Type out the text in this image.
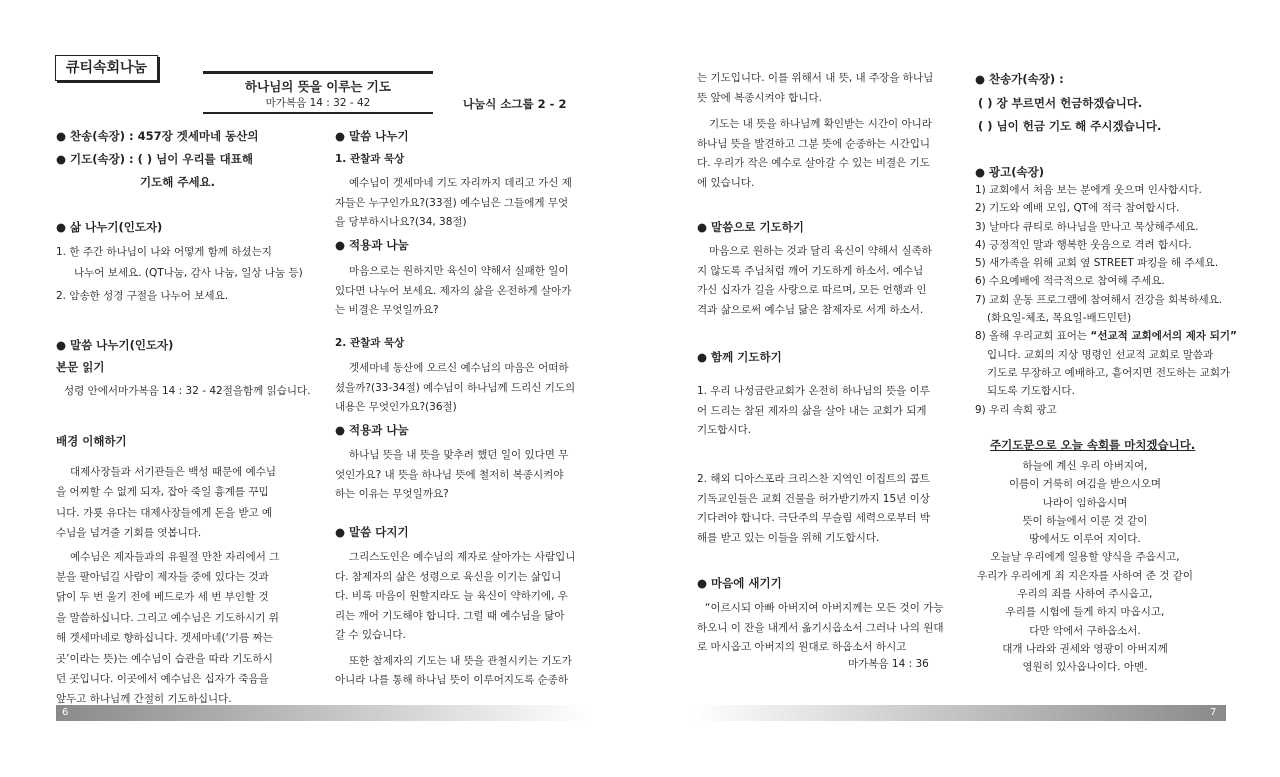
큐티속회나눔
하나님의 뜻을 이루는 기도
마가복음 14 : 32 - 42	나눔식 소그룹 2 - 2
● 찬송(속장) : 457장 겟세마네 동산의
● 기도(속장) : ( ) 님이 우리를 대표해
기도해 주세요.
● 삶 나누기(인도자)
1. 한 주간 하나님이 나와 어떻게 함께 하셨는지
나누어 보세요. (QT나눔, 감사 나눔, 일상 나눔 등)
2. 암송한 성경 구절을 나누어 보세요.
● 말씀 나누기(인도자)
본문 읽기
성령 안에서마가복음 14 : 32 - 42절을함께 읽습니다.
배경 이해하기
대제사장들과 서기관들은 백성 때문에 예수님
을 어찌할 수 없게 되자, 잡아 죽일 흉계를 꾸밉
니다. 가룟 유다는 대제사장들에게 돈을 받고 예
수님을 넘겨줄 기회를 엿봅니다.
예수님은 제자들과의 유월절 만찬 자리에서 그
분을 팔아넘길 사람이 제자들 중에 있다는 것과
닭이 두 번 울기 전에 베드로가 세 번 부인할 것
을 말씀하십니다. 그리고 예수님은 기도하시기 위
해 겟세마네로 향하십니다. 겟세마네(‘기름 짜는
곳’이라는 뜻)는 예수님이 습관을 따라 기도하시
던 곳입니다. 이곳에서 예수님은 십자가 죽음을
앞두고 하나님께 간절히 기도하십니다.
● 말씀 나누기
1. 관찰과 묵상
예수님이 겟세마네 기도 자리까지 데리고 가신 제
자들은 누구인가요?(33절) 예수님은 그들에게 무엇
을 당부하시나요?(34, 38절)
● 적용과 나눔
마음으로는 원하지만 육신이 약해서 실패한 일이
있다면 나누어 보세요. 제자의 삶을 온전하게 살아가
는 비결은 무엇일까요?
2. 관찰과 묵상
겟세마네 동산에 오르신 예수님의 마음은 어떠하
셨을까?(33-34절) 예수님이 하나님께 드리신 기도의
내용은 무엇인가요?(36절)
● 적용과 나눔
하나님 뜻을 내 뜻을 맞추려 했던 일이 있다면 무
엇인가요? 내 뜻을 하나님 뜻에 철저히 복종시켜야
하는 이유는 무엇일까요?
● 말씀 다지기
그리스도인은 예수님의 제자로 살아가는 사람입니
다. 참제자의 삶은 성령으로 육신을 이기는 삶입니
다. 비록 마음이 원할지라도 늘 육신이 약하기에, 우
리는 깨어 기도해야 합니다. 그럴 때 예수님을 닮아
갈 수 있습니다.
또한 참제자의 기도는 내 뜻을 관철시키는 기도가
아니라 나를 통해 하나님 뜻이 이루어지도록 순종하
6
는 기도입니다. 이를 위해서 내 뜻, 내 주장을 하나님
뜻 앞에 복종시켜야 합니다.
기도는 내 뜻을 하나님께 확인받는 시간이 아니라
하나님 뜻을 발견하고 그분 뜻에 순종하는 시간입니
다. 우리가 작은 예수로 살아갈 수 있는 비결은 기도
에 있습니다.
● 말씀으로 기도하기
마음으로 원하는 것과 달리 육신이 약해서 실족하
지 않도록 주님처럼 깨어 기도하게 하소서. 예수님
가신 십자가 길을 사랑으로 따르며, 모든 언행과 인
격과 삶으로써 예수님 닮은 참제자로 서게 하소서.
● 함께 기도하기
1. 우리 나성금란교회가 온전히 하나님의 뜻을 이루
어 드리는 참된 제자의 삶을 살아 내는 교회가 되게
기도합시다.
2. 해외 디아스포라 크리스찬 지역인 이집트의 콥트
기독교인들은 교회 건물을 허가받기까지 15년 이상
기다려야 합니다. 극단주의 무슬림 세력으로부터 박
해를 받고 있는 이들을 위해 기도합시다.
● 마음에 새기기
“이르시되 아빠 아버지여 아버지께는 모든 것이 가능
하오니 이 잔을 내게서 옮기시옵소서 그러나 나의 원대
로 마시옵고 아버지의 원대로 하옵소서 하시고
마가복음 14 : 36
● 찬송가(속장) :
( ) 장 부르면서 헌금하겠습니다.
( ) 님이 헌금 기도 해 주시겠습니다.
● 광고(속장)
1) 교회에서 처음 보는 분에게 웃으며 인사합시다.
2) 기도와 예배 모임, QT에 적극 참여합시다.
3) 날마다 큐티로 하나님을 만나고 묵상해주세요.
4) 긍정적인 말과 행복한 웃음으로 격려 합시다.
5) 새가족을 위해 교회 옆 STREET 파킹을 해 주세요.
6) 수요예배에 적극적으로 참여해 주세요.
7) 교회 운동 프로그램에 참여해서 건강을 회복하세요.
(화요일-체조, 목요일-배드민턴)
8) 올해 우리교회 표어는 “선교적 교회에서의 제자 되기”
입니다. 교회의 지상 명령인 선교적 교회로 말씀과
기도로 무장하고 예배하고, 흩어지면 전도하는 교회가
되도록 기도합시다.
9) 우리 속회 광고
주기도문으로 오늘 속회를 마치겠습니다.
하늘에 계신 우리 아버지여,
이름이 거룩히 여김을 받으시오며
나라이 임하옵시며
뜻이 하늘에서 이룬 것 같이
땅에서도 이루어 지이다.
오늘날 우리에게 일용할 양식을 주옵시고,
우리가 우리에게 죄 지은자를 사하여 준 것 같이
우리의 죄를 사하여 주시옵고,
우리를 시험에 들게 하지 마옵시고,
다만 악에서 구하옵소서.
대개 나라와 권세와 영광이 아버지께
영원히 있사옵나이다. 아멘.
7
